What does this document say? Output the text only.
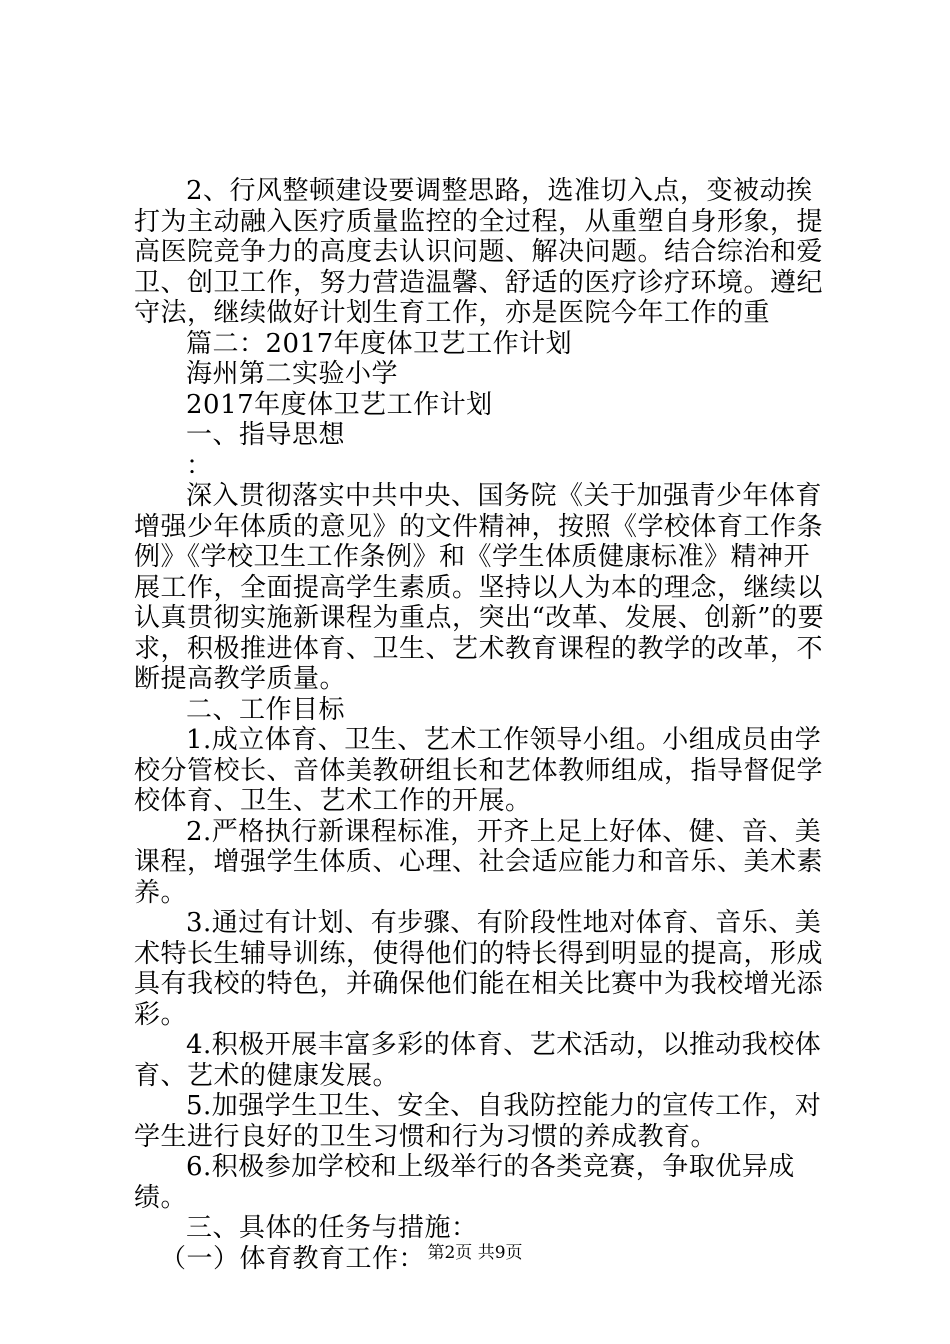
2、行风整顿建设要调整思路，选准切入点，变被动挨打为主动融入医疗质量监控的全过程，从重塑自身形象，提高医院竞争力的高度去认识问题、解决问题。结合综治和爱卫、创卫工作，努力营造温馨、舒适的医疗诊疗环境。遵纪守法，继续做好计划生育工作，亦是医院今年工作的重

篇二：2017年度体卫艺工作计划

海州第二实验小学

2017年度体卫艺工作计划

一、指导思想

：

深入贯彻落实中共中央、国务院《关于加强青少年体育增强少年体质的意见》的文件精神，按照《学校体育工作条例》《学校卫生工作条例》和《学生体质健康标准》精神开展工作，全面提高学生素质。坚持以人为本的理念，继续以认真贯彻实施新课程为重点，突出“改革、发展、创新”的要求，积极推进体育、卫生、艺术教育课程的教学的改革，不断提高教学质量。

二、工作目标

1.成立体育、卫生、艺术工作领导小组。小组成员由学校分管校长、音体美教研组长和艺体教师组成，指导督促学校体育、卫生、艺术工作的开展。

2.严格执行新课程标准，开齐上足上好体、健、音、美课程，增强学生体质、心理、社会适应能力和音乐、美术素养。

3.通过有计划、有步骤、有阶段性地对体育、音乐、美术特长生辅导训练，使得他们的特长得到明显的提高，形成具有我校的特色，并确保他们能在相关比赛中为我校增光添彩。

4.积极开展丰富多彩的体育、艺术活动，以推动我校体育、艺术的健康发展。

5.加强学生卫生、安全、自我防控能力的宣传工作，对学生进行良好的卫生习惯和行为习惯的养成教育。

6.积极参加学校和上级举行的各类竞赛，争取优异成绩。

三、具体的任务与措施：

（一）体育教育工作： 第2页 共9页
